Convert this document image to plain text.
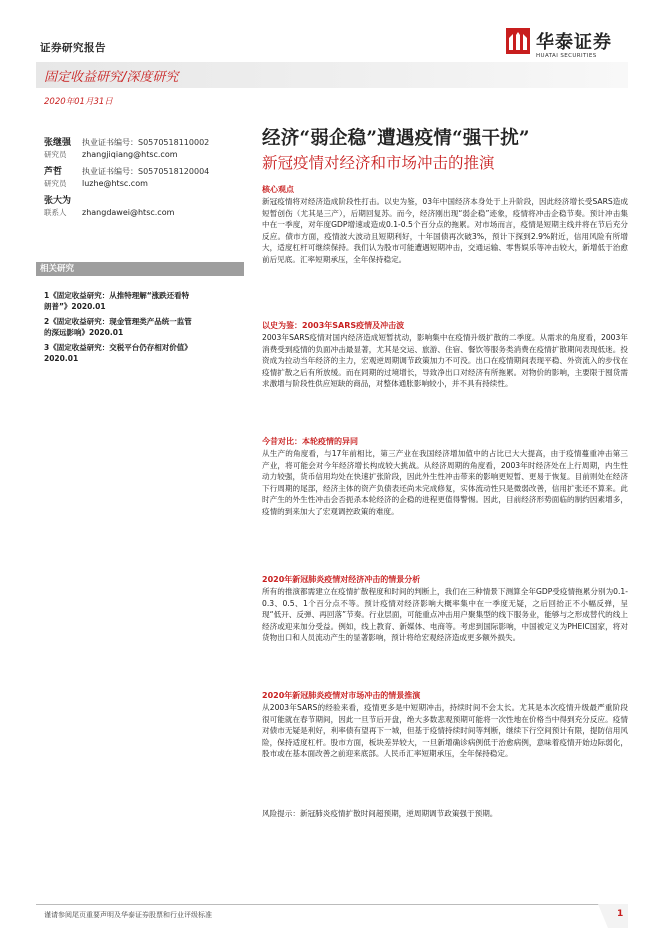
证券研究报告	华泰证券
HUATAI SECURITIES
固定收益研究/深度研究
2020年01月31日
张继强 执业证书编号：S0570518110002
研究员 zhangjiqiang@htsc.com
芦哲 执业证书编号：S0570518120004
研究员 luzhe@htsc.com
张大为
联系人 zhangdawei@htsc.com
相关研究
1《固定收益研究：从推特理解“涨跌还看特
朗普”》2020.01
2《固定收益研究：现金管理类产品统一监管
的深远影响》2020.01
3《固定收益研究：交税平台仍存相对价值》
2020.01
经济“弱企稳”遭遇疫情“强干扰”
新冠疫情对经济和市场冲击的推演
核心观点
新冠疫情将对经济造成阶段性打击。以史为鉴，03年中国经济本身处于上升阶段，因此经济增长受SARS造成短暂创伤（尤其是三产），后期回复苏。而今，经济刚出现“弱企稳”迹象，疫情将冲击企稳节奏。预计冲击集中在一季度，对年度GDP增速或造成0.1-0.5个百分点的拖累。对市场而言，疫情是短期主线并将在节后充分反应。债市方面，疫情波大波动且短期利好，十年国债再次破3%，预计下探到2.9%附近，信用风险有所增大，适度杠杆可继续保持。我们认为股市可能遭遇短期冲击，交通运输、零售娱乐等冲击较大，新增低于治愈前后见底。汇率短期承压，全年保持稳定。
以史为鉴：2003年SARS疫情及冲击波
2003年SARS疫情对国内经济造成短暂扰动，影响集中在疫情升级扩散的二季度。从需求的角度看，2003年消费受到疫情的负面冲击最显著，尤其是交运、旅游、住宿、餐饮等服务类消费在疫情扩散期间表现低迷。投资成为拉动当年经济的主力，宏观逆周期调节政策加力不可没。出口在疫情期间表现平稳、外资流入的步伐在疫情扩散之后有所放缓。而在同期的过境增长，导致净出口对经济有所拖累。对物价的影响，主要限于囤货需求激增与阶段性供应短缺的商品，对整体通胀影响较小，并不具有持续性。
今昔对比：本轮疫情的异同
从生产的角度看，与17年前相比，第三产业在我国经济增加值中的占比已大大提高，由于疫情蔓重冲击第三产业，将可能会对今年经济增长构成较大挑战。从经济周期的角度看，2003年时经济处在上行周期，内生性动力较强，货币信用均处在快速扩张阶段，因此外生性冲击带来的影响更短暂、更易于恢复。目前则处在经济下行周期的尾部，经济主体的资产负债表还尚未完成修复，实体流动性只是微弱改善，信用扩张还不算来。此时产生的外生性冲击会否扼杀本轮经济的企稳的进程更值得警惕。因此，目前经济形势面临的制约因素增多，疫情的到来加大了宏观调控政策的难度。
2020年新冠肺炎疫情对经济冲击的情景分析
所有的推演都需建立在疫情扩散程度和时间的判断上，我们在三种情景下测算全年GDP受疫情拖累分别为0.1-0.3、0.5、1个百分点不等。预计疫情对经济影响大概率集中在一季度无疑，之后回抬正不小幅反弹，呈现“低开、反弹、再回落”节奏。行业层面，可能重点冲击用户聚集型的线下服务业，能够与之形成替代的线上经济或迎来加分受益。例如，线上教育、新媒体、电商等。考虑到国际影响，中国被定义为PHEIC国家，将对货物出口和人员流动产生的显著影响，预计将给宏观经济造成更多额外损失。
2020年新冠肺炎疫情对市场冲击的情景推演
从2003年SARS的经验来看，疫情更多是中短期冲击，持续时间不会太长。尤其是本次疫情升级最严重阶段很可能就在春节期间，因此一旦节后开盘，绝大多数悲观预期可能将一次性地在价格当中得到充分反应。疫情对债市无疑是利好，利率债有望再下一城，但基于疫情持续时间等判断，继续下行空间预计有限，提防信用风险，保持适度杠杆。股市方面，板块差异较大，一旦新增确诊病例低于治愈病例，意味着疫情开始边际弱化，股市或在基本面改善之前迎来底部。人民币汇率短期承压，全年保持稳定。
风险提示：新冠肺炎疫情扩散时间超预期，逆周期调节政策强于预期。
谨请参阅尾页重要声明及华泰证券股票和行业评级标准	1
